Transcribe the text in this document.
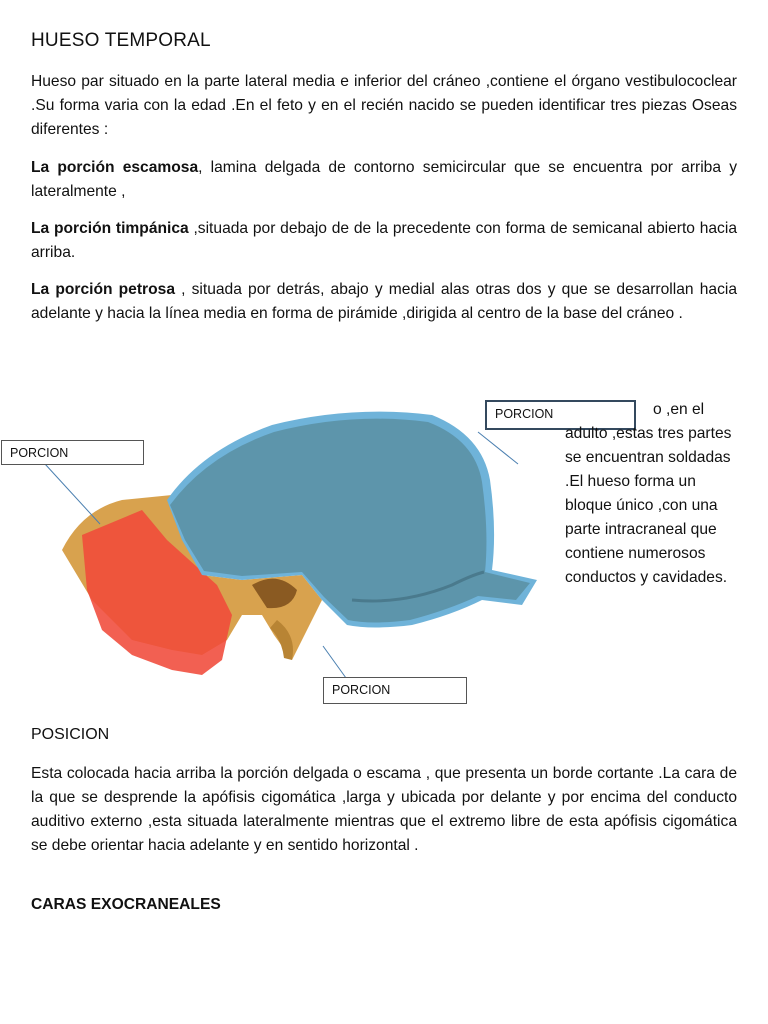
HUESO TEMPORAL

Hueso par situado en la parte lateral media e inferior del cráneo ,contiene el órgano vestibulococlear .Su forma varia con la edad .En el feto y en el recién nacido se pueden identificar tres piezas Oseas diferentes :

La porción escamosa, lamina delgada de contorno semicircular que se encuentra por arriba y lateralmente ,

La porción timpánica ,situada por debajo de de la precedente con forma de semicanal abierto hacia arriba.

La porción petrosa , situada por detrás, abajo y medial alas otras dos y que se desarrollan hacia adelante y hacia la línea media en forma de pirámide ,dirigida al centro de la base del cráneo .

PORCION
PORCION
PORCION
o ,en el adulto ,estas tres partes se encuentran soldadas .El hueso forma un bloque único ,con una parte intracraneal que contiene numerosos conductos y cavidades.
POSICION

Esta colocada hacia arriba la porción delgada o escama , que presenta un borde cortante .La cara de la que se desprende la apófisis cigomática ,larga y ubicada por delante y por encima del conducto auditivo externo ,esta situada lateralmente mientras que el extremo libre de esta apófisis cigomática se debe orientar hacia adelante y en sentido horizontal .

CARAS EXOCRANEALES
